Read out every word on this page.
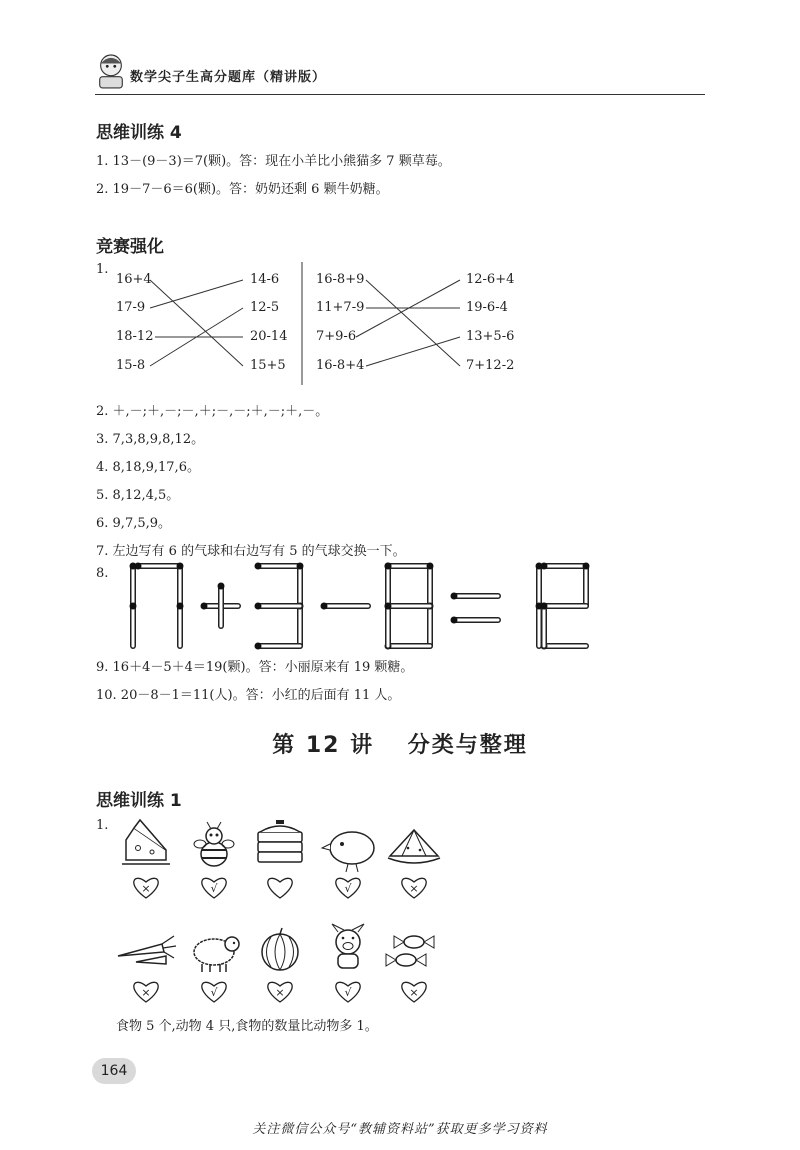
数学尖子生高分题库（精讲版）
思维训练 4
1. 13－(9－3)＝7(颗)。答：现在小羊比小熊猫多 7 颗草莓。
2. 19－7－6＝6(颗)。答：奶奶还剩 6 颗牛奶糖。
竞赛强化
1.
16+4
17-9
18-12
15-8
14-6
12-5
20-14
15+5
16-8+9
11+7-9
7+9-6
16-8+4
12-6+4
19-6-4
13+5-6
7+12-2
2. ＋,－;＋,－;－,＋;－,－;＋,－;＋,－。
3. 7,3,8,9,8,12。
4. 8,18,9,17,6。
5. 8,12,4,5。
6. 9,7,5,9。
7. 左边写有 6 的气球和右边写有 5 的气球交换一下。
8.
9. 16＋4－5＋4＝19(颗)。答：小丽原来有 19 颗糖。
10. 20－8－1＝11(人)。答：小红的后面有 11 人。
第 12 讲　 分类与整理
思维训练 1
1.
×	√	√	×
×	√	×	√	×
食物 5 个,动物 4 只,食物的数量比动物多 1。
164
关注微信公众号“教辅资料站”获取更多学习资料
